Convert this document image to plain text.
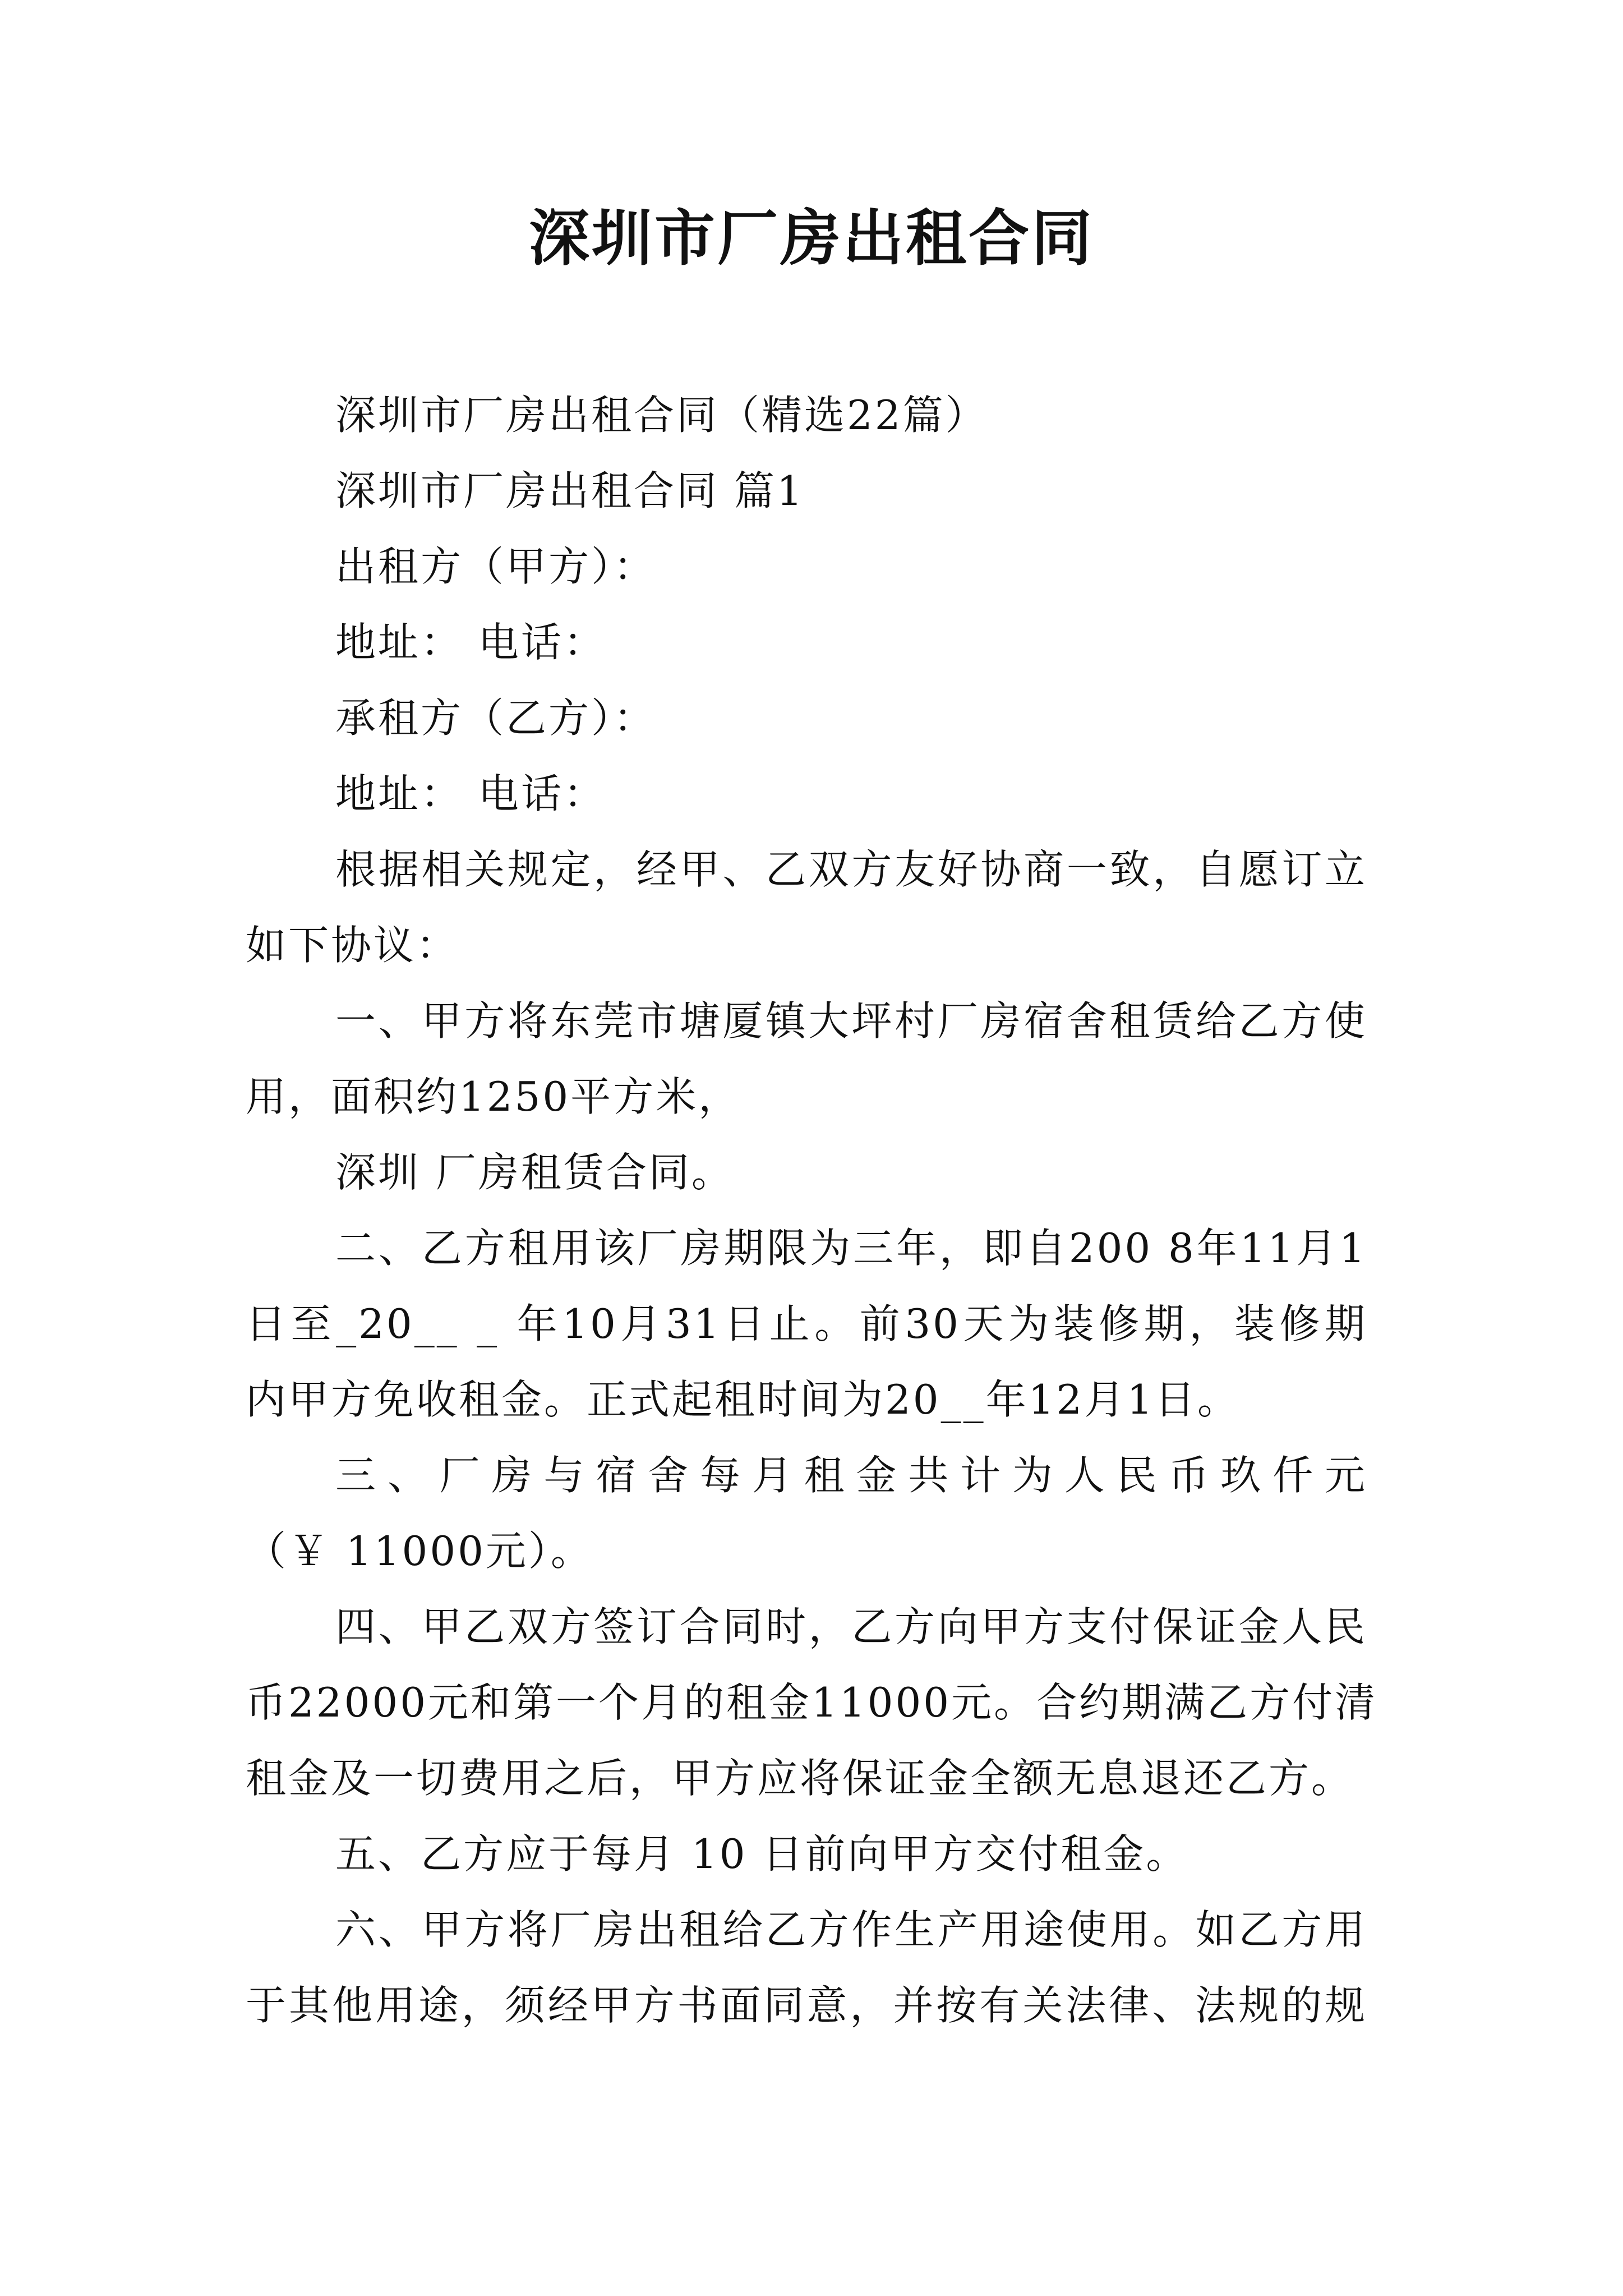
深圳市厂房出租合同
深圳市厂房出租合同（精选22篇）
深圳市厂房出租合同 篇1
出租方（甲方）：
地址： 电话：
承租方（乙方）：
地址： 电话：
根据相关规定，经甲、乙双方友好协商一致，自愿订立
如下协议：
一、甲方将东莞市塘厦镇大坪村厂房宿舍租赁给乙方使
用，面积约1250平方米，
深圳 厂房租赁合同。
二、乙方租用该厂房期限为三年，即自200 8年11月1
日至_20__ _ 年10月31日止。前30天为装修期，装修期
内甲方免收租金。正式起租时间为20__年12月1日。
三、厂房与宿舍每月租金共计为人民币玖仟元
（￥ 11000元）。
四、甲乙双方签订合同时，乙方向甲方支付保证金人民
币22000元和第一个月的租金11000元。合约期满乙方付清
租金及一切费用之后，甲方应将保证金全额无息退还乙方。
五、乙方应于每月 10 日前向甲方交付租金。
六、甲方将厂房出租给乙方作生产用途使用。如乙方用
于其他用途，须经甲方书面同意，并按有关法律、法规的规
